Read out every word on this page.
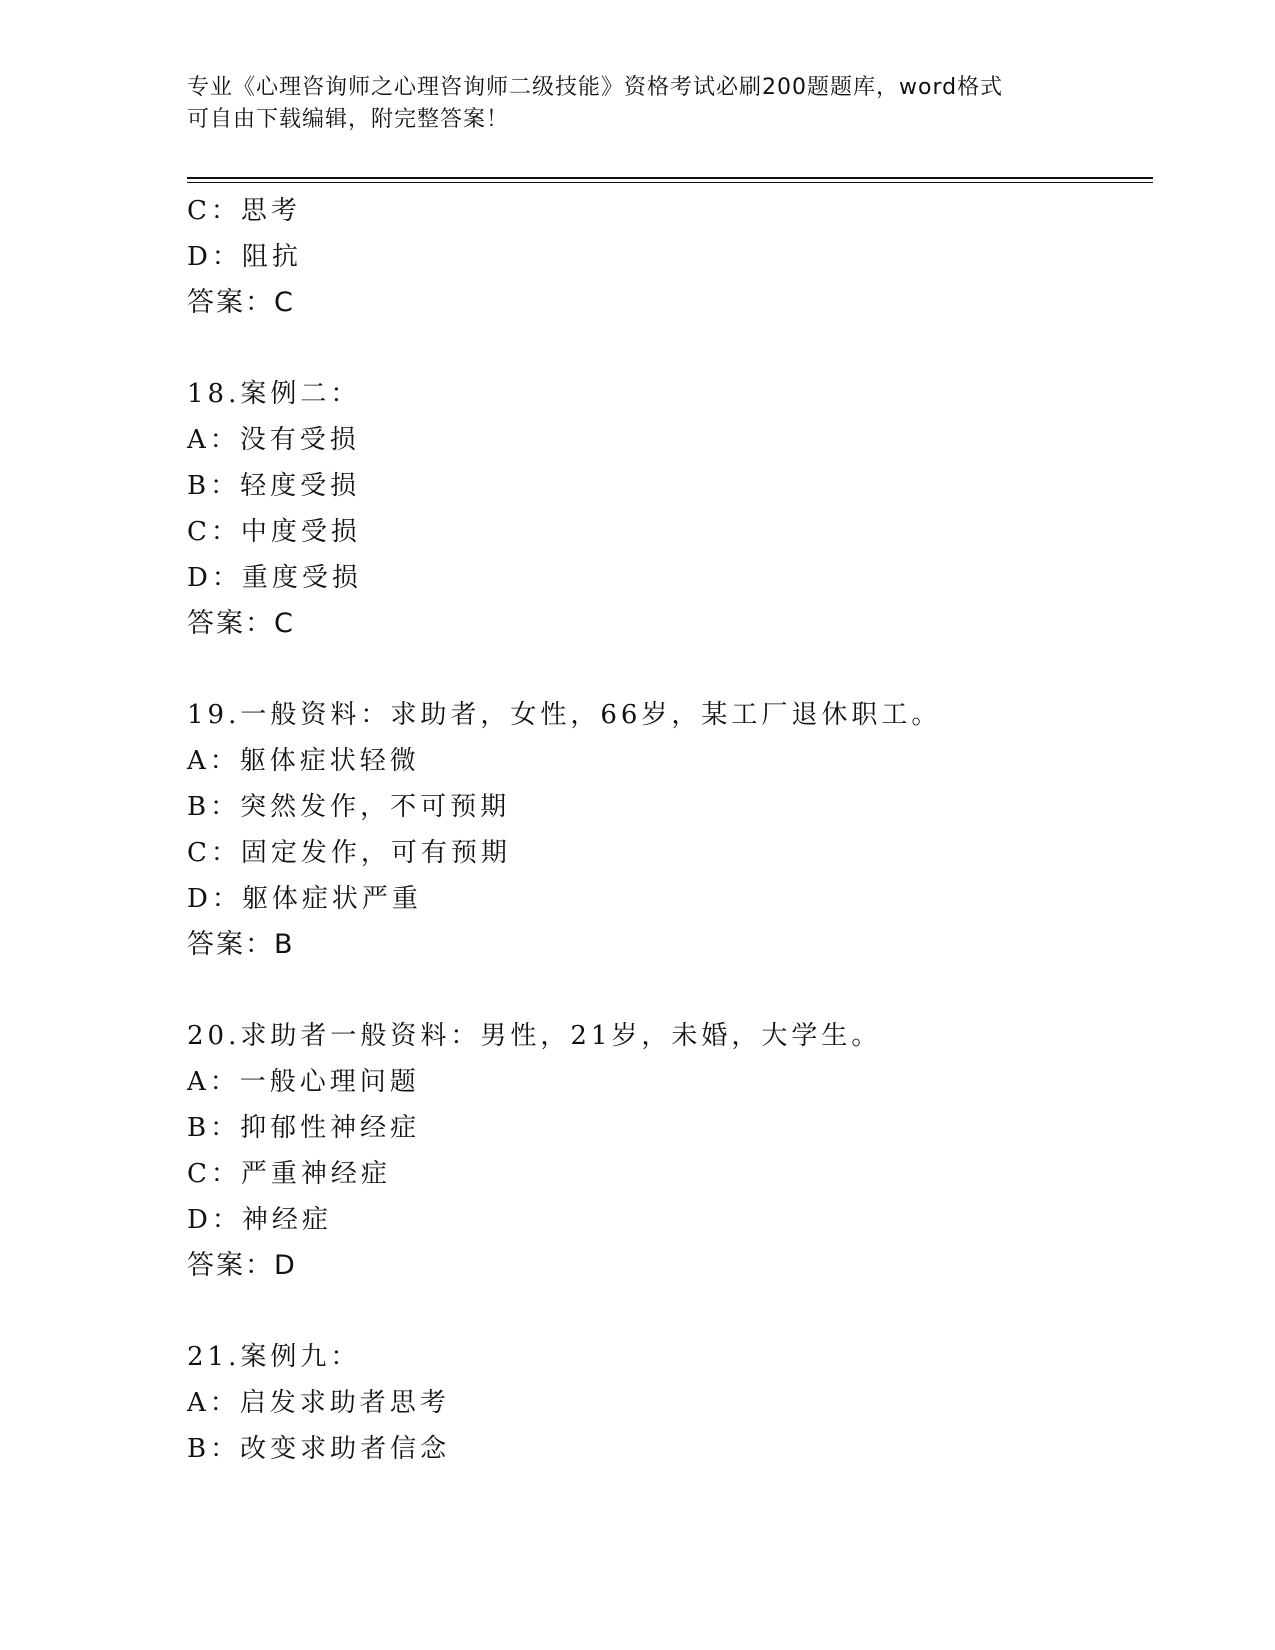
专业《心理咨询师之心理咨询师二级技能》资格考试必刷200题题库，word格式
可自由下载编辑，附完整答案！
C：思考
D：阻抗
答案：C
18.案例二：
A：没有受损
B：轻度受损
C：中度受损
D：重度受损
答案：C
19.一般资料：求助者，女性，66岁，某工厂退休职工。
A：躯体症状轻微
B：突然发作，不可预期
C：固定发作，可有预期
D：躯体症状严重
答案：B
20.求助者一般资料：男性，21岁，未婚，大学生。
A：一般心理问题
B：抑郁性神经症
C：严重神经症
D：神经症
答案：D
21.案例九：
A：启发求助者思考
B：改变求助者信念
